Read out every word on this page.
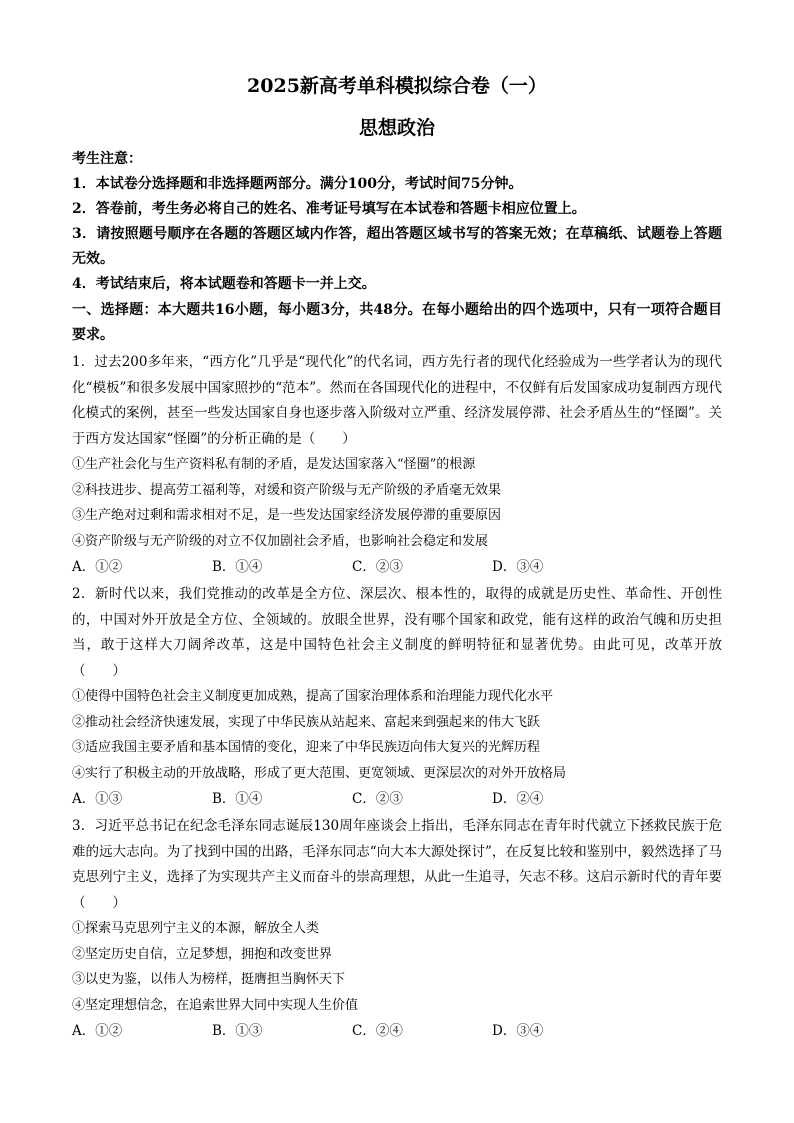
2025新高考单科模拟综合卷（一）
思想政治
考生注意：
1．本试卷分选择题和非选择题两部分。满分100分，考试时间75分钟。
2．答卷前，考生务必将自己的姓名、准考证号填写在本试卷和答题卡相应位置上。
3．请按照题号顺序在各题的答题区域内作答，超出答题区域书写的答案无效；在草稿纸、试题卷上答题无效。
4．考试结束后，将本试题卷和答题卡一并上交。
一、选择题：本大题共16小题，每小题3分，共48分。在每小题给出的四个选项中，只有一项符合题目要求。
1．过去200多年来，“西方化”几乎是“现代化”的代名词，西方先行者的现代化经验成为一些学者认为的现代化“模板”和很多发展中国家照抄的“范本”。然而在各国现代化的进程中，不仅鲜有后发国家成功复制西方现代化模式的案例，甚至一些发达国家自身也逐步落入阶级对立严重、经济发展停滞、社会矛盾丛生的“怪圈”。关于西方发达国家“怪圈”的分析正确的是（　　）
①生产社会化与生产资料私有制的矛盾，是发达国家落入“怪圈”的根源
②科技进步、提高劳工福利等，对缓和资产阶级与无产阶级的矛盾毫无效果
③生产绝对过剩和需求相对不足，是一些发达国家经济发展停滞的重要原因
④资产阶级与无产阶级的对立不仅加剧社会矛盾，也影响社会稳定和发展
A．①②	B．①④	C．②③	D．③④
2．新时代以来，我们党推动的改革是全方位、深层次、根本性的，取得的成就是历史性、革命性、开创性的，中国对外开放是全方位、全领域的。放眼全世界，没有哪个国家和政党，能有这样的政治气魄和历史担当，敢于这样大刀阔斧改革，这是中国特色社会主义制度的鲜明特征和显著优势。由此可见，改革开放（　　）
①使得中国特色社会主义制度更加成熟，提高了国家治理体系和治理能力现代化水平
②推动社会经济快速发展，实现了中华民族从站起来、富起来到强起来的伟大飞跃
③适应我国主要矛盾和基本国情的变化，迎来了中华民族迈向伟大复兴的光辉历程
④实行了积极主动的开放战略，形成了更大范围、更宽领域、更深层次的对外开放格局
A．①③	B．①④	C．②③	D．②④
3．习近平总书记在纪念毛泽东同志诞辰130周年座谈会上指出，毛泽东同志在青年时代就立下拯救民族于危难的远大志向。为了找到中国的出路，毛泽东同志“向大本大源处探讨”，在反复比较和鉴别中，毅然选择了马克思列宁主义，选择了为实现共产主义而奋斗的崇高理想，从此一生追寻，矢志不移。这启示新时代的青年要（　　）
①探索马克思列宁主义的本源，解放全人类
②坚定历史自信，立足梦想，拥抱和改变世界
③以史为鉴，以伟人为榜样，挺膺担当胸怀天下
④坚定理想信念，在追索世界大同中实现人生价值
A．①②	B．①③	C．②④	D．③④
